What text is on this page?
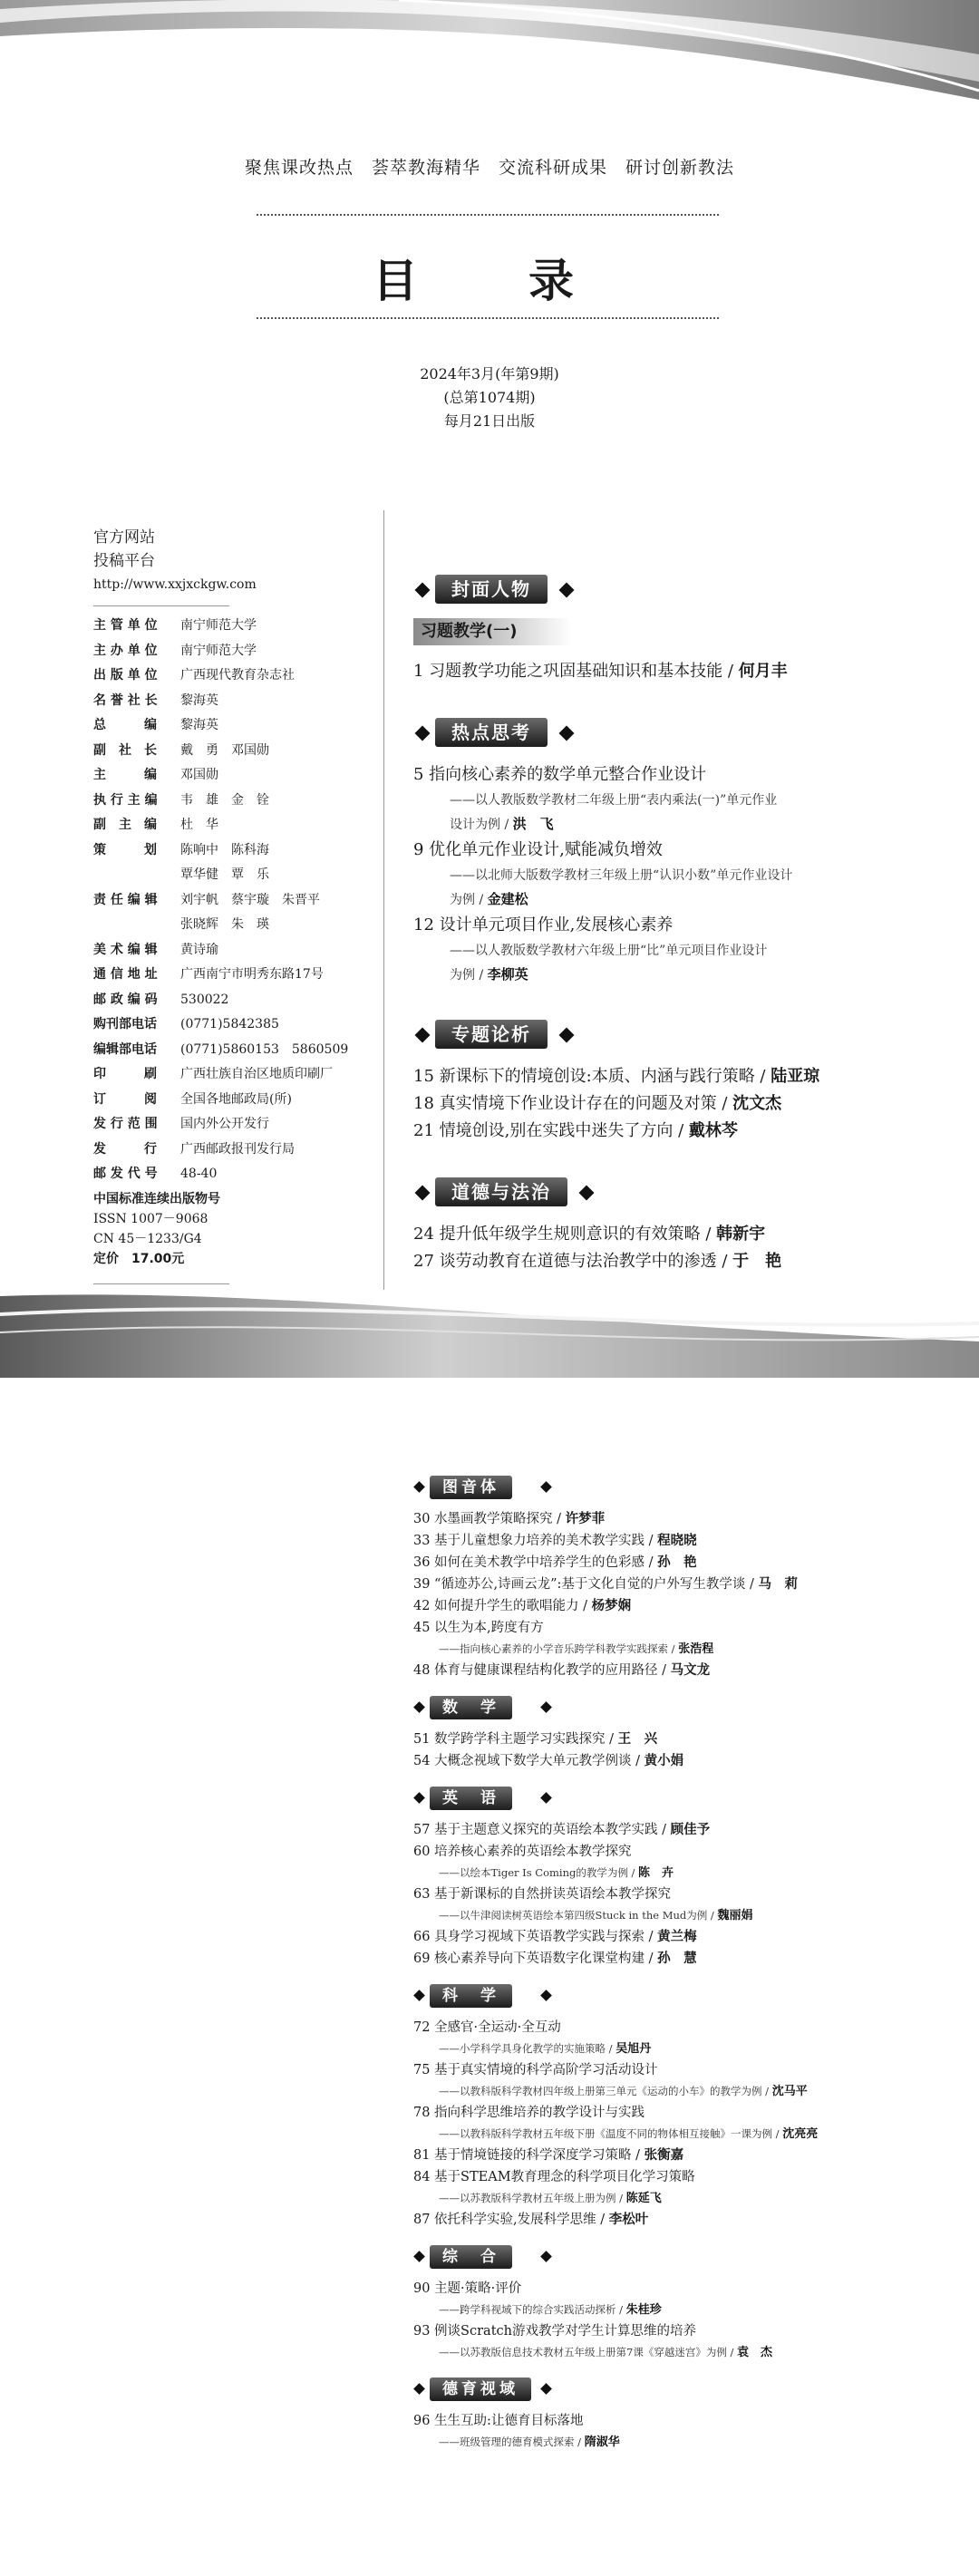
聚焦课改热点　荟萃教海精华　交流科研成果　研讨创新教法
目　录
2024年3月(年第9期)
(总第1074期)
每月21日出版
官方网站
投稿平台
http://www.xxjxckgw.com
主 管 单 位	南宁师范大学
主 办 单 位	南宁师范大学
出 版 单 位	广西现代教育杂志社
名 誉 社 长	黎海英
总　　　编	黎海英
副　社　长	戴　勇　邓国勋
主　　　编	邓国勋
执 行 主 编	韦　雄　金　铨
副　主　编	杜　华
策　　　划	陈响中　陈科海
覃华健　覃　乐
责 任 编 辑	刘宇帆　蔡宇璇　朱晋平
张晓辉　朱　瑛
美 术 编 辑	黄诗瑜
通 信 地 址	广西南宁市明秀东路17号
邮 政 编 码	530022
购刊部电话	(0771)5842385
编辑部电话	(0771)5860153　5860509
印　　　刷	广西壮族自治区地质印刷厂
订　　　阅	全国各地邮政局(所)
发 行 范 围	国内外公开发行
发　　　行	广西邮政报刊发行局
邮 发 代 号	48-40
中国标准连续出版物号
ISSN 1007－9068
CN 45－1233/G4
定价　17.00元
封面人物
习题教学(一)
1 习题教学功能之巩固基础知识和基本技能 / 何月丰
热点思考
5 指向核心素养的数学单元整合作业设计
——以人教版数学教材二年级上册“表内乘法(一)”单元作业
设计为例 / 洪　飞
9 优化单元作业设计,赋能减负增效
——以北师大版数学教材三年级上册“认识小数”单元作业设计
为例 / 金建松
12 设计单元项目作业,发展核心素养
——以人教版数学教材六年级上册“比”单元项目作业设计
为例 / 李柳英
专题论析
15 新课标下的情境创设:本质、内涵与践行策略 / 陆亚琼
18 真实情境下作业设计存在的问题及对策 / 沈文杰
21 情境创设,别在实践中迷失了方向 / 戴林芩
道德与法治
24 提升低年级学生规则意识的有效策略 / 韩新宇
27 谈劳动教育在道德与法治教学中的渗透 / 于　艳
图音体
30 水墨画教学策略探究 / 许梦菲
33 基于儿童想象力培养的美术教学实践 / 程晓晓
36 如何在美术教学中培养学生的色彩感 / 孙　艳
39 “循迹苏公,诗画云龙”:基于文化自觉的户外写生教学谈 / 马　莉
42 如何提升学生的歌唱能力 / 杨梦娴
45 以生为本,跨度有方
——指向核心素养的小学音乐跨学科教学实践探索 / 张浩程
48 体育与健康课程结构化教学的应用路径 / 马文龙
数　学
51 数学跨学科主题学习实践探究 / 王　兴
54 大概念视域下数学大单元教学例谈 / 黄小娟
英　语
57 基于主题意义探究的英语绘本教学实践 / 顾佳予
60 培养核心素养的英语绘本教学探究
——以绘本Tiger Is Coming的教学为例 / 陈　卉
63 基于新课标的自然拼读英语绘本教学探究
——以牛津阅读树英语绘本第四级Stuck in the Mud为例 / 魏丽娟
66 具身学习视域下英语教学实践与探索 / 黄兰梅
69 核心素养导向下英语数字化课堂构建 / 孙　慧
科　学
72 全感官·全运动·全互动
——小学科学具身化教学的实施策略 / 吴旭丹
75 基于真实情境的科学高阶学习活动设计
——以教科版科学教材四年级上册第三单元《运动的小车》的教学为例 / 沈马平
78 指向科学思维培养的教学设计与实践
——以教科版科学教材五年级下册《温度不同的物体相互接触》一课为例 / 沈亮亮
81 基于情境链接的科学深度学习策略 / 张衡嘉
84 基于STEAM教育理念的科学项目化学习策略
——以苏教版科学教材五年级上册为例 / 陈延飞
87 依托科学实验,发展科学思维 / 李松叶
综　合
90 主题·策略·评价
——跨学科视域下的综合实践活动探析 / 朱桂珍
93 例谈Scratch游戏教学对学生计算思维的培养
——以苏教版信息技术教材五年级上册第7课《穿越迷宫》为例 / 袁　杰
德育视域
96 生生互助:让德育目标落地
——班级管理的德育模式探索 / 隋淑华
